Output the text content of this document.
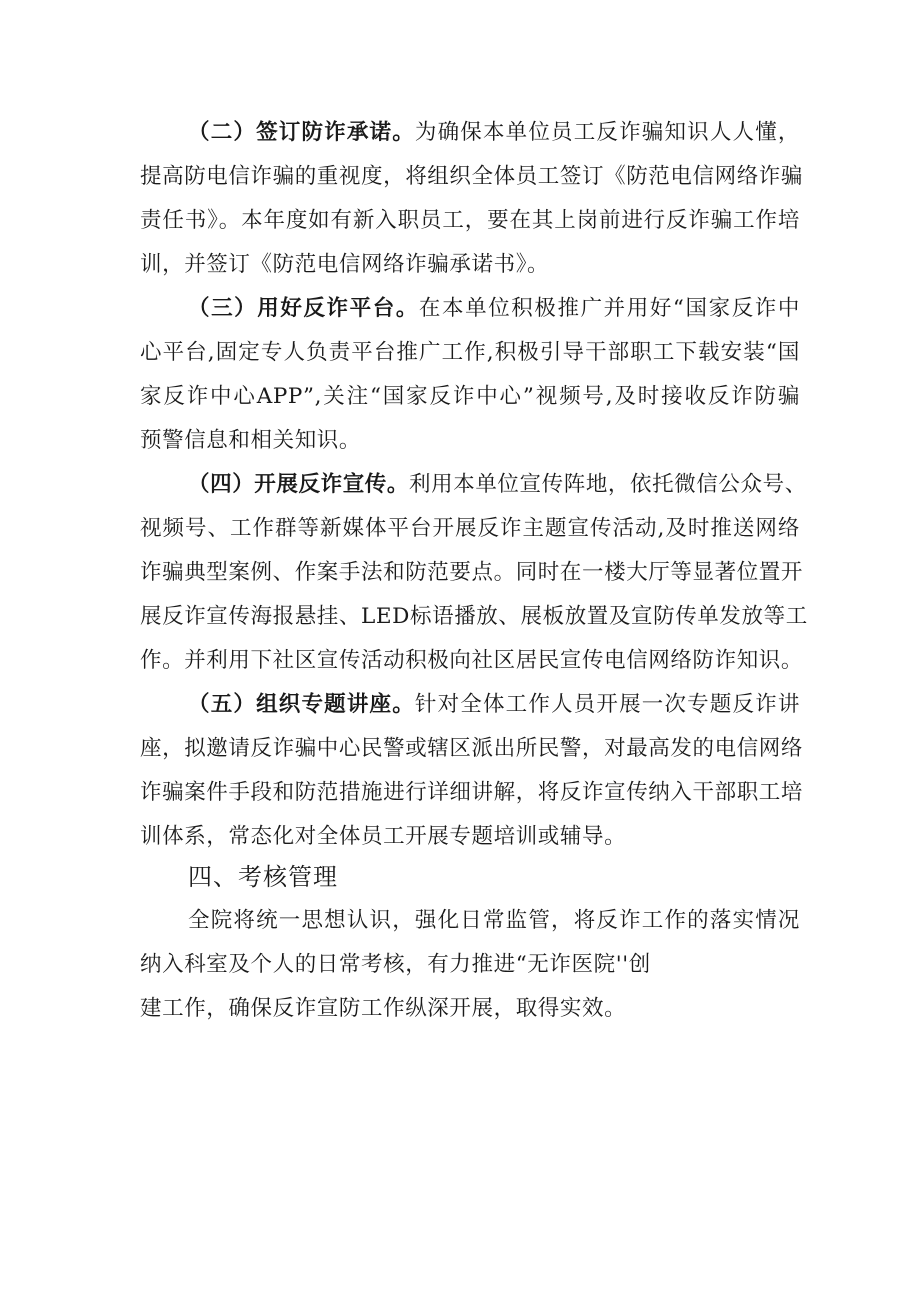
（二）签订防诈承诺。为确保本单位员工反诈骗知识人人懂，
提高防电信诈骗的重视度，将组织全体员工签订《防范电信网络诈骗
责任书》。本年度如有新入职员工，要在其上岗前进行反诈骗工作培
训，并签订《防范电信网络诈骗承诺书》。
（三）用好反诈平台。在本单位积极推广并用好“国家反诈中
心平台,固定专人负责平台推广工作,积极引导干部职工下载安装“国
家反诈中心APP”,关注“国家反诈中心”视频号,及时接收反诈防骗
预警信息和相关知识。
（四）开展反诈宣传。利用本单位宣传阵地，依托微信公众号、
视频号、工作群等新媒体平台开展反诈主题宣传活动,及时推送网络
诈骗典型案例、作案手法和防范要点。同时在一楼大厅等显著位置开
展反诈宣传海报悬挂、LED标语播放、展板放置及宣防传单发放等工
作。并利用下社区宣传活动积极向社区居民宣传电信网络防诈知识。
（五）组织专题讲座。针对全体工作人员开展一次专题反诈讲
座，拟邀请反诈骗中心民警或辖区派出所民警，对最高发的电信网络
诈骗案件手段和防范措施进行详细讲解，将反诈宣传纳入干部职工培
训体系，常态化对全体员工开展专题培训或辅导。
四、考核管理
全院将统一思想认识，强化日常监管，将反诈工作的落实情况
纳入科室及个人的日常考核，有力推进“无诈医院''创
建工作，确保反诈宣防工作纵深开展，取得实效。
